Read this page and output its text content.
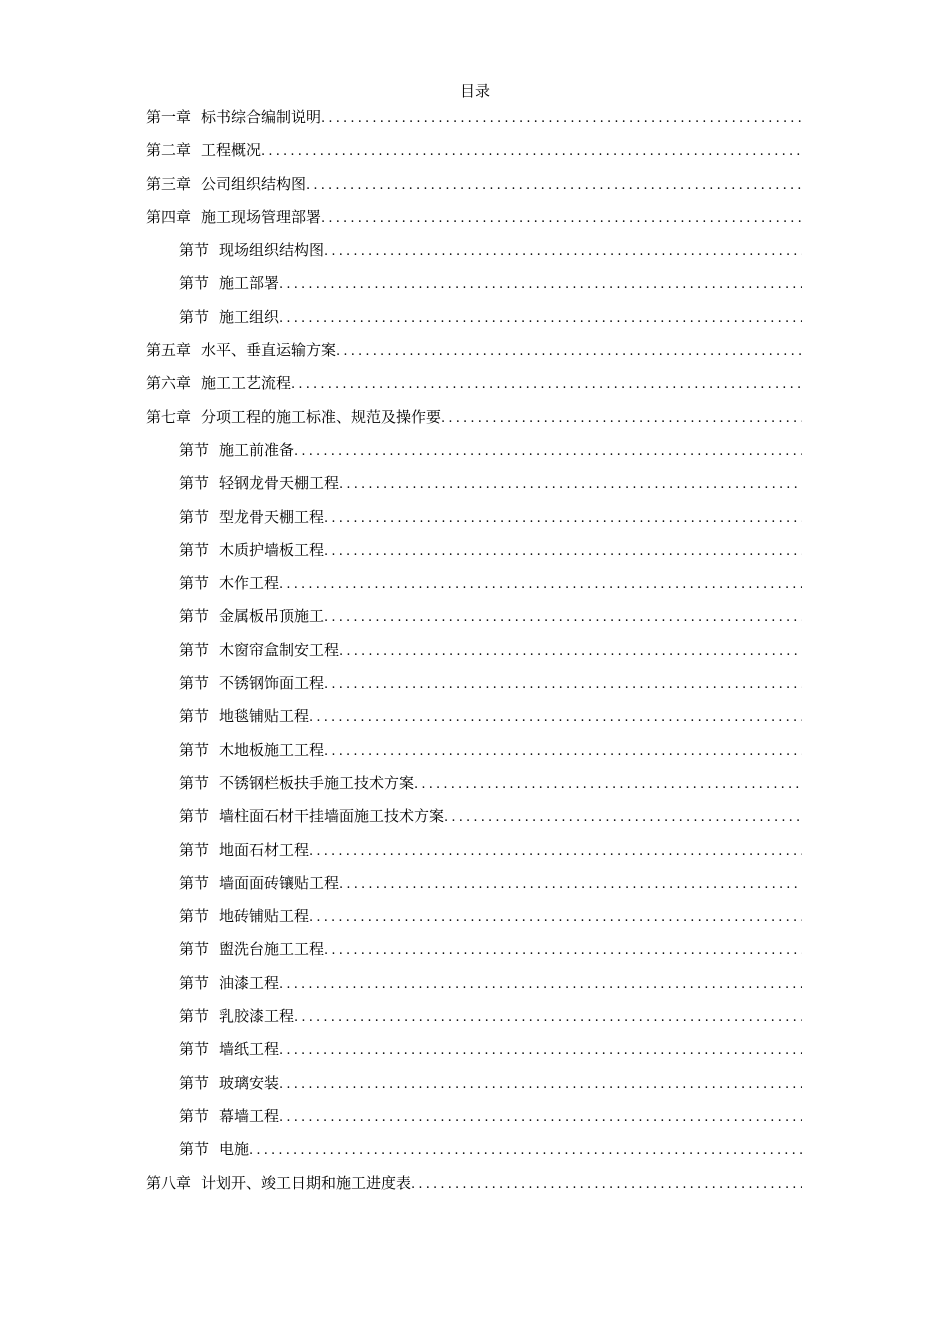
目录
第一章 标书综合编制说明
.....
第二章 工程概况
.....
第三章 公司组织结构图
.....
第四章 施工现场管理部署
.....
第节 现场组织结构图
.....
第节 施工部署
.....
第节 施工组织
.....
第五章 水平、垂直运输方案
.....
第六章 施工工艺流程
.....
第七章 分项工程的施工标准、规范及操作要
.....
第节 施工前准备
.....
第节 轻钢龙骨天棚工程
.....
第节 型龙骨天棚工程
.....
第节 木质护墙板工程
.....
第节 木作工程
.....
第节 金属板吊顶施工
.....
第节 木窗帘盒制安工程
.....
第节 不锈钢饰面工程
.....
第节 地毯铺贴工程
.....
第节 木地板施工工程
.....
第节 不锈钢栏板扶手施工技术方案
.....
第节 墙柱面石材干挂墙面施工技术方案
.....
第节 地面石材工程
.....
第节 墙面面砖镶贴工程
.....
第节 地砖铺贴工程
.....
第节 盥洗台施工工程
.....
第节 油漆工程
.....
第节 乳胶漆工程
.....
第节 墙纸工程
.....
第节 玻璃安装
.....
第节 幕墙工程
.....
第节 电施
.....
第八章 计划开、竣工日期和施工进度表
.....
